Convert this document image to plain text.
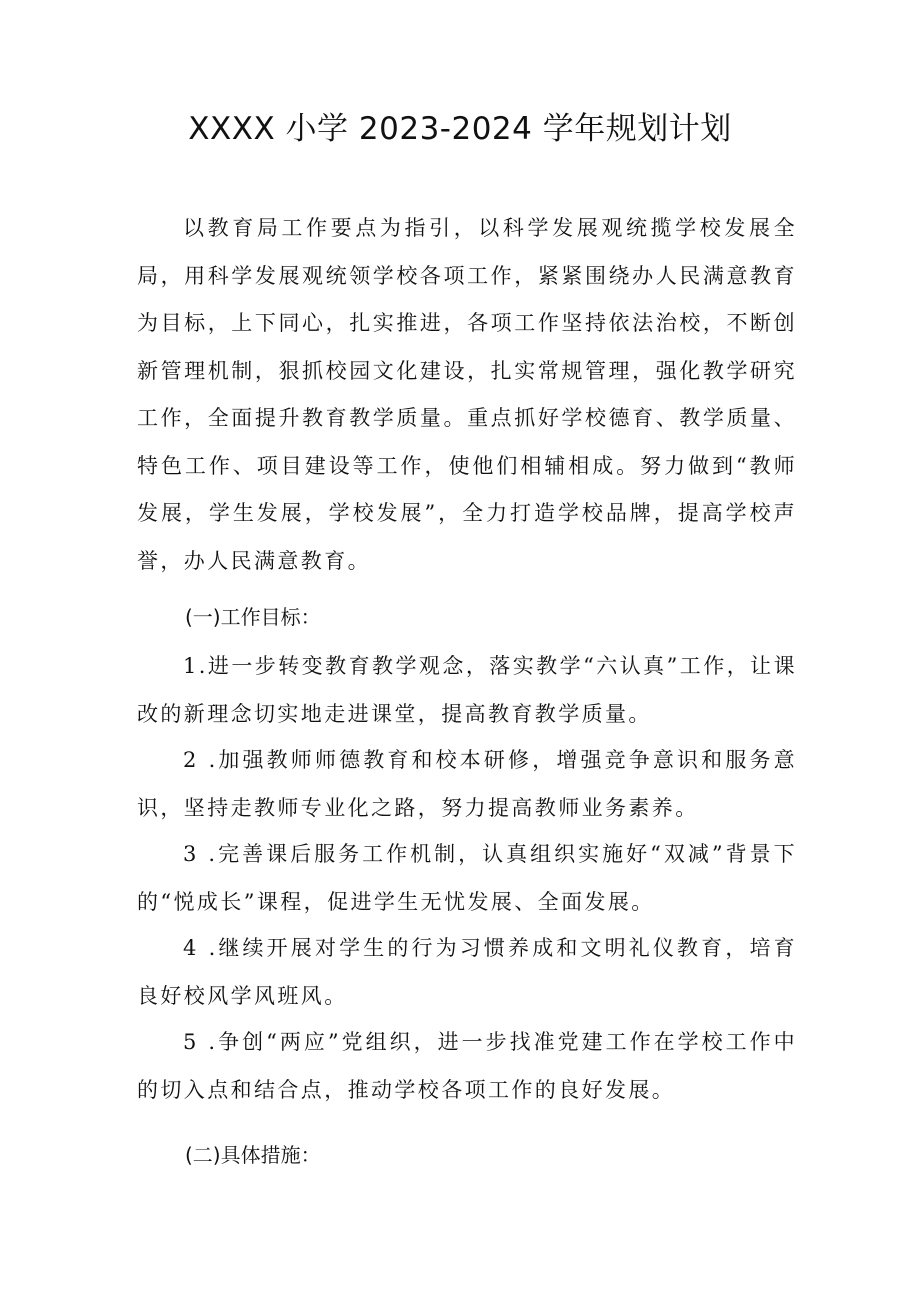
XXXX 小学 2023-2024 学年规划计划

以教育局工作要点为指引，以科学发展观统揽学校发展全局，用科学发展观统领学校各项工作，紧紧围绕办人民满意教育为目标，上下同心，扎实推进，各项工作坚持依法治校，不断创新管理机制，狠抓校园文化建设，扎实常规管理，强化教学研究工作，全面提升教育教学质量。重点抓好学校德育、教学质量、特色工作、项目建设等工作，使他们相辅相成。努力做到“教师发展，学生发展，学校发展”，全力打造学校品牌，提高学校声誉，办人民满意教育。

(一)工作目标：

1.进一步转变教育教学观念，落实教学“六认真”工作，让课改的新理念切实地走进课堂，提高教育教学质量。

2 .加强教师师德教育和校本研修，增强竞争意识和服务意识，坚持走教师专业化之路，努力提高教师业务素养。

3 .完善课后服务工作机制，认真组织实施好“双减”背景下的“悦成长”课程，促进学生无忧发展、全面发展。

4 .继续开展对学生的行为习惯养成和文明礼仪教育，培育良好校风学风班风。

5 .争创“两应”党组织，进一步找准党建工作在学校工作中的切入点和结合点，推动学校各项工作的良好发展。

(二)具体措施：
